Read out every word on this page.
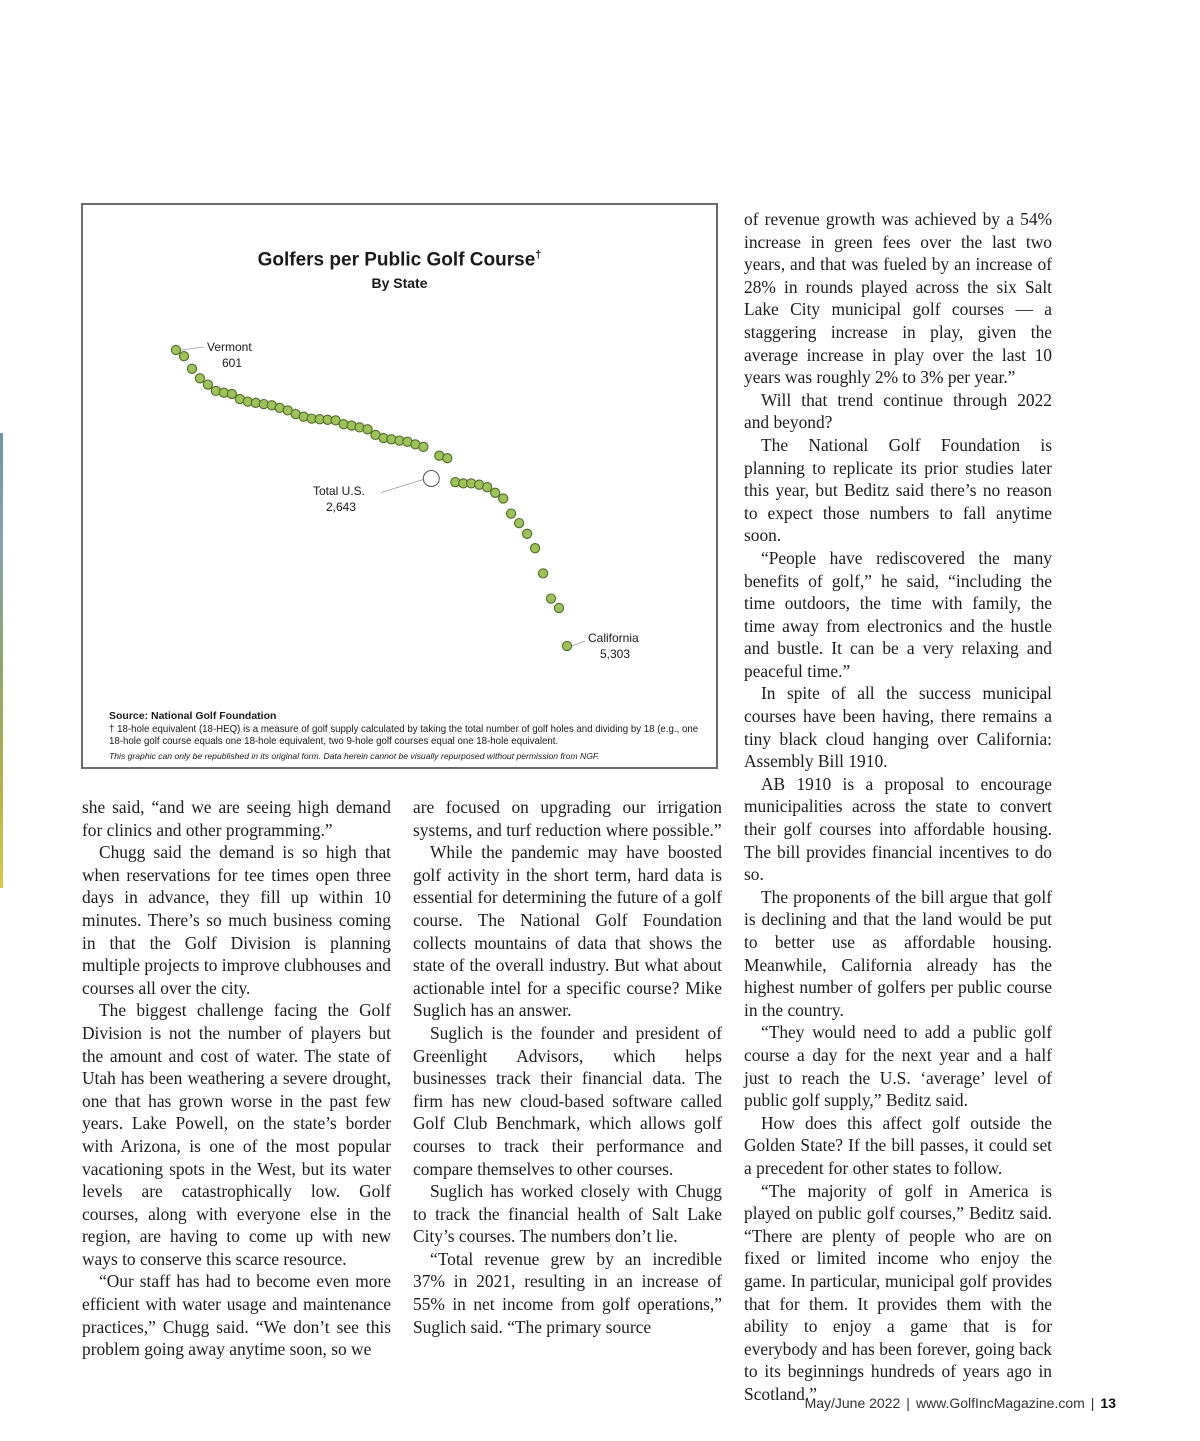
Golfers per Public Golf Course†
By State
Vermont
601
Total U.S.
2,643
California
5,303
Source: National Golf Foundation
† 18-hole equivalent (18-HEQ) is a measure of golf supply calculated by taking the total number of golf holes and dividing by 18 (e.g., one 18-hole golf course equals one 18-hole equivalent, two 9-hole golf courses equal one 18-hole equivalent.
This graphic can only be republished in its original form. Data herein cannot be visually repurposed without permission from NGF.

she said, “and we are seeing high demand for clinics and other programming.”

Chugg said the demand is so high that when reservations for tee times open three days in advance, they fill up within 10 minutes. There’s so much business coming in that the Golf Division is planning multiple projects to improve clubhouses and courses all over the city.

The biggest challenge facing the Golf Division is not the number of players but the amount and cost of water. The state of Utah has been weathering a severe drought, one that has grown worse in the past few years. Lake Powell, on the state’s border with Arizona, is one of the most popular vacationing spots in the West, but its water levels are catastrophically low. Golf courses, along with everyone else in the region, are having to come up with new ways to conserve this scarce resource.

“Our staff has had to become even more efficient with water usage and maintenance practices,” Chugg said. “We don’t see this problem going away anytime soon, so we

are focused on upgrading our irrigation systems, and turf reduction where possible.”

While the pandemic may have boosted golf activity in the short term, hard data is essential for determining the future of a golf course. The National Golf Foundation collects mountains of data that shows the state of the overall industry. But what about actionable intel for a specific course? Mike Suglich has an answer.

Suglich is the founder and president of Greenlight Advisors, which helps businesses track their financial data. The firm has new cloud-based software called Golf Club Benchmark, which allows golf courses to track their performance and compare themselves to other courses.

Suglich has worked closely with Chugg to track the financial health of Salt Lake City’s courses. The numbers don’t lie.

“Total revenue grew by an incredible 37% in 2021, resulting in an increase of 55% in net income from golf operations,” Suglich said. “The primary source

of revenue growth was achieved by a 54% increase in green fees over the last two years, and that was fueled by an increase of 28% in rounds played across the six Salt Lake City municipal golf courses — a staggering increase in play, given the average increase in play over the last 10 years was roughly 2% to 3% per year.”

Will that trend continue through 2022 and beyond?

The National Golf Foundation is planning to replicate its prior studies later this year, but Beditz said there’s no reason to expect those numbers to fall anytime soon.

“People have rediscovered the many benefits of golf,” he said, “including the time outdoors, the time with family, the time away from electronics and the hustle and bustle. It can be a very relaxing and peaceful time.”

In spite of all the success municipal courses have been having, there remains a tiny black cloud hanging over California: Assembly Bill 1910.

AB 1910 is a proposal to encourage municipalities across the state to convert their golf courses into affordable housing. The bill provides financial incentives to do so.

The proponents of the bill argue that golf is declining and that the land would be put to better use as affordable housing. Meanwhile, California already has the highest number of golfers per public course in the country.

“They would need to add a public golf course a day for the next year and a half just to reach the U.S. ‘average’ level of public golf supply,” Beditz said.

How does this affect golf outside the Golden State? If the bill passes, it could set a precedent for other states to follow.

“The majority of golf in America is played on public golf courses,” Beditz said. “There are plenty of people who are on fixed or limited income who enjoy the game. In particular, municipal golf provides that for them. It provides them with the ability to enjoy a game that is for everybody and has been forever, going back to its beginnings hundreds of years ago in Scotland.”

May/June 2022 | www.GolfIncMagazine.com | 13
